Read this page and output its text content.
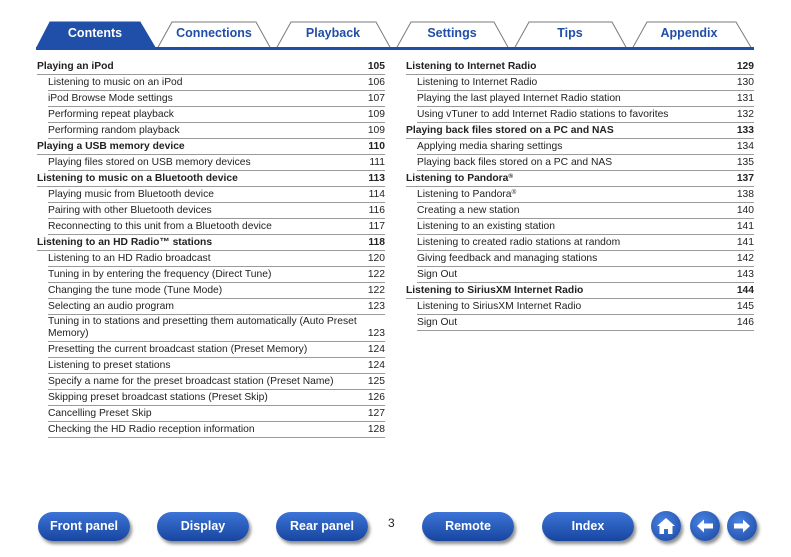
Contents	Connections	Playback	Settings	Tips	Appendix
Playing an iPod	105
Listening to music on an iPod	106
iPod Browse Mode settings	107
Performing repeat playback	109
Performing random playback	109
Playing a USB memory device	110
Playing files stored on USB memory devices	111
Listening to music on a Bluetooth device	113
Playing music from Bluetooth device	114
Pairing with other Bluetooth devices	116
Reconnecting to this unit from a Bluetooth device	117
Listening to an HD Radio™ stations	118
Listening to an HD Radio broadcast	120
Tuning in by entering the frequency (Direct Tune)	122
Changing the tune mode (Tune Mode)	122
Selecting an audio program	123
Tuning in to stations and presetting them automatically (Auto Preset Memory)	123
Presetting the current broadcast station (Preset Memory)	124
Listening to preset stations	124
Specify a name for the preset broadcast station (Preset Name)	125
Skipping preset broadcast stations (Preset Skip)	126
Cancelling Preset Skip	127
Checking the HD Radio reception information	128
Listening to Internet Radio	129
Listening to Internet Radio	130
Playing the last played Internet Radio station	131
Using vTuner to add Internet Radio stations to favorites	132
Playing back files stored on a PC and NAS	133
Applying media sharing settings	134
Playing back files stored on a PC and NAS	135
Listening to Pandora®	137
Listening to Pandora®	138
Creating a new station	140
Listening to an existing station	141
Listening to created radio stations at random	141
Giving feedback and managing stations	142
Sign Out	143
Listening to SiriusXM Internet Radio	144
Listening to SiriusXM Internet Radio	145
Sign Out	146
Front panel	Display	Rear panel	3	Remote	Index
